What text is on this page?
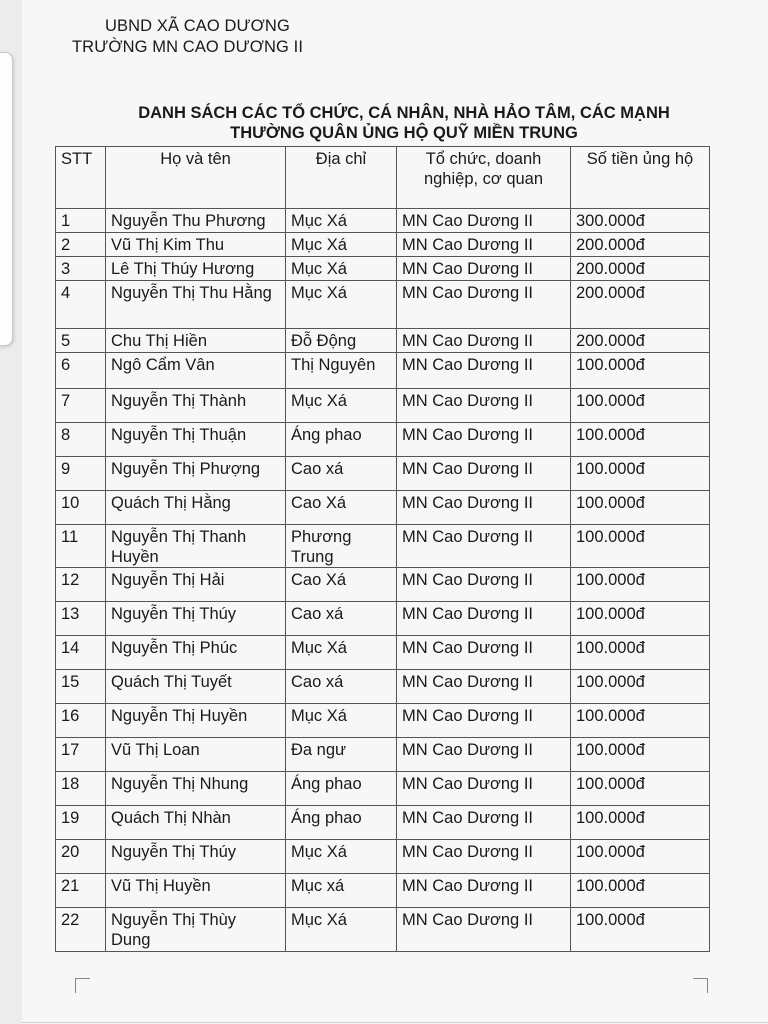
UBND XÃ CAO DƯƠNG
TRƯỜNG MN CAO DƯƠNG II
DANH SÁCH CÁC TỔ CHỨC, CÁ NHÂN, NHÀ HẢO TÂM, CÁC MẠNH
THƯỜNG QUÂN ỦNG HỘ QUỸ MIỀN TRUNG
STT	Họ và tên	Địa chỉ	Tổ chức, doanh nghiệp, cơ quan	Số tiền ủng hộ
1	Nguyễn Thu Phương	Mục Xá	MN Cao Dương II	300.000đ
2	Vũ Thị Kim Thu	Mục Xá	MN Cao Dương II	200.000đ
3	Lê Thị Thúy Hương	Mục Xá	MN Cao Dương II	200.000đ
4	Nguyễn Thị Thu Hằng	Mục Xá	MN Cao Dương II	200.000đ
5	Chu Thị Hiền	Đỗ Động	MN Cao Dương II	200.000đ
6	Ngô Cẩm Vân	Thị Nguyên	MN Cao Dương II	100.000đ
7	Nguyễn Thị Thành	Mục Xá	MN Cao Dương II	100.000đ
8	Nguyễn Thị Thuận	Áng phao	MN Cao Dương II	100.000đ
9	Nguyễn Thị Phượng	Cao xá	MN Cao Dương II	100.000đ
10	Quách Thị Hằng	Cao Xá	MN Cao Dương II	100.000đ
11	Nguyễn Thị Thanh Huyền	Phương Trung	MN Cao Dương II	100.000đ
12	Nguyễn Thị Hải	Cao Xá	MN Cao Dương II	100.000đ
13	Nguyễn Thị Thúy	Cao xá	MN Cao Dương II	100.000đ
14	Nguyễn Thị Phúc	Mục Xá	MN Cao Dương II	100.000đ
15	Quách Thị Tuyết	Cao xá	MN Cao Dương II	100.000đ
16	Nguyễn Thị Huyền	Mục Xá	MN Cao Dương II	100.000đ
17	Vũ Thị Loan	Đa ngư	MN Cao Dương II	100.000đ
18	Nguyễn Thị Nhung	Áng phao	MN Cao Dương II	100.000đ
19	Quách Thị Nhàn	Áng phao	MN Cao Dương II	100.000đ
20	Nguyễn Thị Thúy	Mục Xá	MN Cao Dương II	100.000đ
21	Vũ Thị Huyền	Mục xá	MN Cao Dương II	100.000đ
22	Nguyễn Thị Thùy Dung	Mục Xá	MN Cao Dương II	100.000đ
